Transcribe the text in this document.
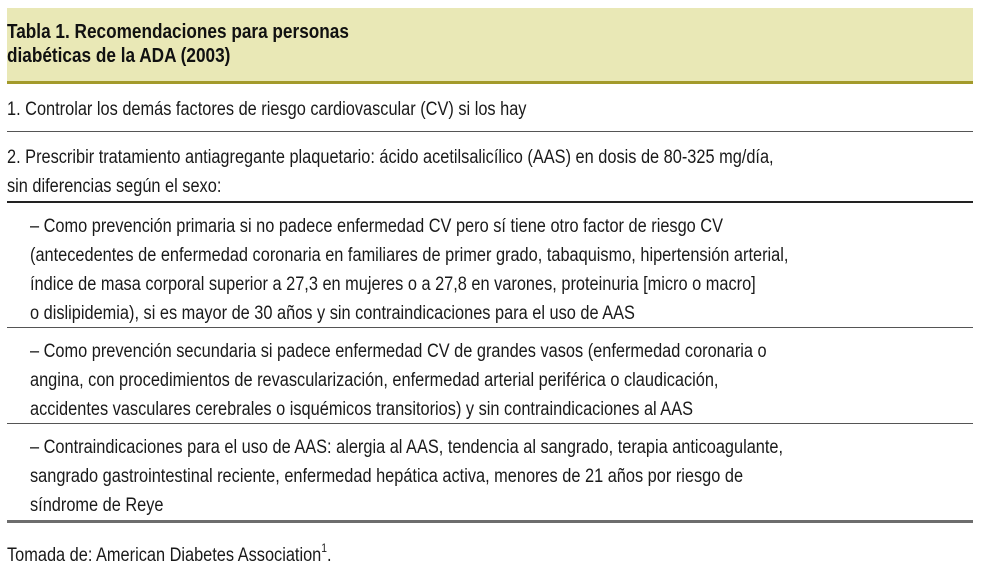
Tabla 1. Recomendaciones para personas
diabéticas de la ADA (2003)
1. Controlar los demás factores de riesgo cardiovascular (CV) si los hay
2. Prescribir tratamiento antiagregante plaquetario: ácido acetilsalicílico (AAS) en dosis de 80-325 mg/día,
sin diferencias según el sexo:
– Como prevención primaria si no padece enfermedad CV pero sí tiene otro factor de riesgo CV
(antecedentes de enfermedad coronaria en familiares de primer grado, tabaquismo, hipertensión arterial,
índice de masa corporal superior a 27,3 en mujeres o a 27,8 en varones, proteinuria [micro o macro]
o dislipidemia), si es mayor de 30 años y sin contraindicaciones para el uso de AAS
– Como prevención secundaria si padece enfermedad CV de grandes vasos (enfermedad coronaria o
angina, con procedimientos de revascularización, enfermedad arterial periférica o claudicación,
accidentes vasculares cerebrales o isquémicos transitorios) y sin contraindicaciones al AAS
– Contraindicaciones para el uso de AAS: alergia al AAS, tendencia al sangrado, terapia anticoagulante,
sangrado gastrointestinal reciente, enfermedad hepática activa, menores de 21 años por riesgo de
síndrome de Reye
Tomada de: American Diabetes Association$^1$.
